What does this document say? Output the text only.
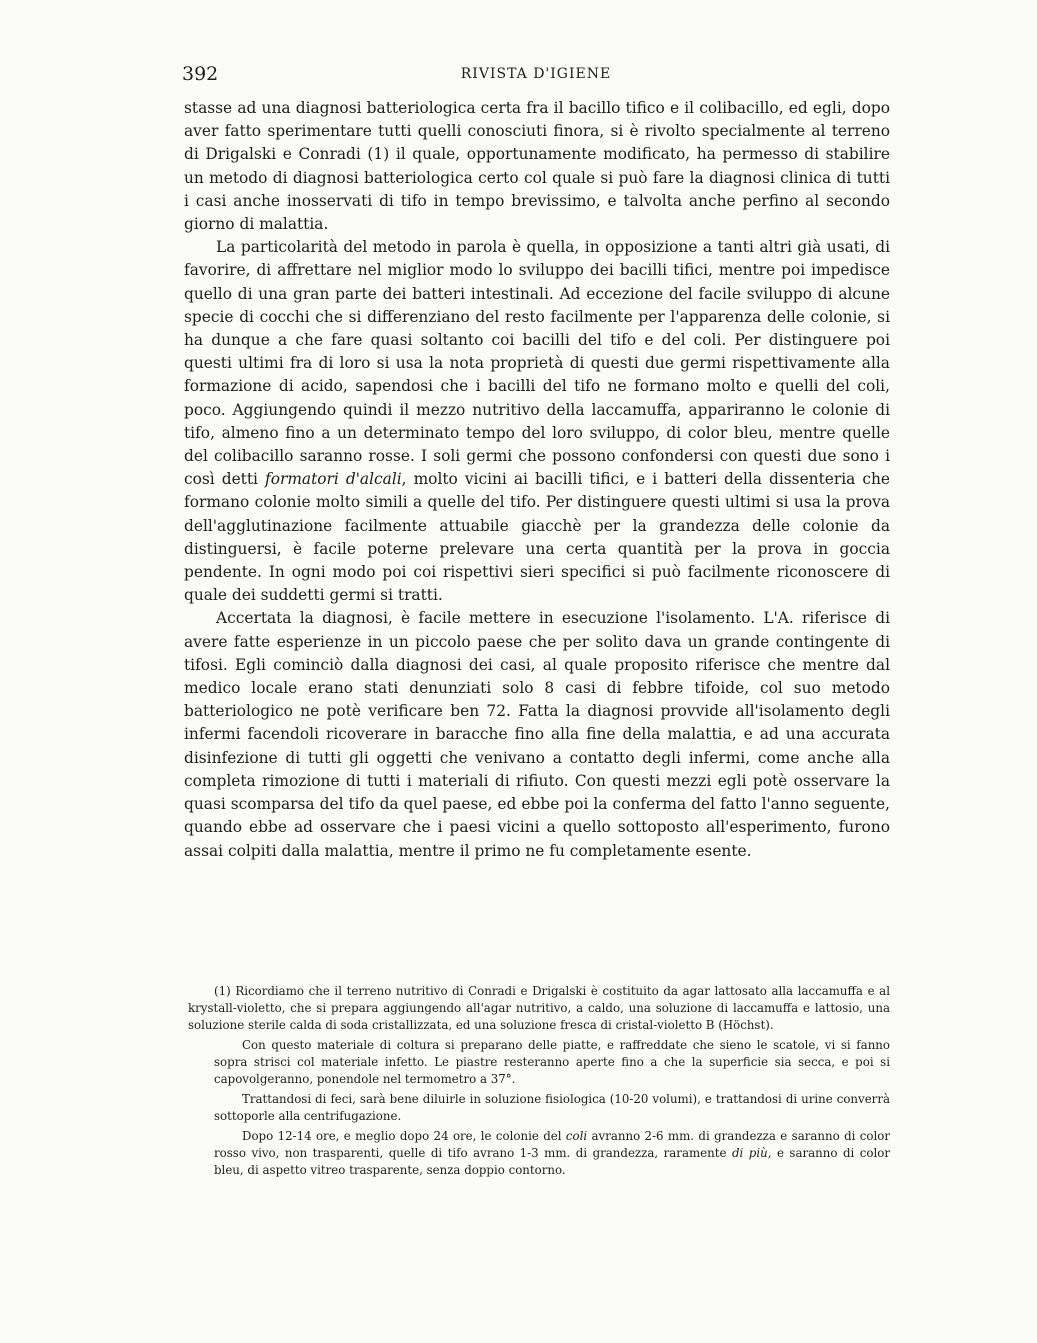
392	RIVISTA D'IGIENE

stasse ad una diagnosi batteriologica certa fra il bacillo tifico e il colibacillo, ed egli, dopo aver fatto sperimentare tutti quelli conosciuti finora, si è rivolto specialmente al terreno di Drigalski e Conradi (1) il quale, opportunamente modificato, ha permesso di stabilire un metodo di diagnosi batteriologica certo col quale si può fare la diagnosi clinica di tutti i casi anche inosservati di tifo in tempo brevissimo, e talvolta anche perfino al secondo giorno di malattia.

La particolarità del metodo in parola è quella, in opposizione a tanti altri già usati, di favorire, di affrettare nel miglior modo lo sviluppo dei bacilli tifici, mentre poi impedisce quello di una gran parte dei batteri intestinali. Ad eccezione del facile sviluppo di alcune specie di cocchi che si differenziano del resto facilmente per l'apparenza delle colonie, si ha dunque a che fare quasi soltanto coi bacilli del tifo e del coli. Per distinguere poi questi ultimi fra di loro si usa la nota proprietà di questi due germi rispettivamente alla formazione di acido, sapendosi che i bacilli del tifo ne formano molto e quelli del coli, poco. Aggiungendo quindi il mezzo nutritivo della laccamuffa, appariranno le colonie di tifo, almeno fino a un determinato tempo del loro sviluppo, di color bleu, mentre quelle del colibacillo saranno rosse. I soli germi che possono confondersi con questi due sono i così detti formatori d'alcali, molto vicini ai bacilli tifici, e i batteri della dissenteria che formano colonie molto simili a quelle del tifo. Per distinguere questi ultimi si usa la prova dell'agglutinazione facilmente attuabile giacchè per la grandezza delle colonie da distinguersi, è facile poterne prelevare una certa quantità per la prova in goccia pendente. In ogni modo poi coi rispettivi sieri specifici si può facilmente riconoscere di quale dei suddetti germi si tratti.

Accertata la diagnosi, è facile mettere in esecuzione l'isolamento. L'A. riferisce di avere fatte esperienze in un piccolo paese che per solito dava un grande contingente di tifosi. Egli cominciò dalla diagnosi dei casi, al quale proposito riferisce che mentre dal medico locale erano stati denunziati solo 8 casi di febbre tifoide, col suo metodo batteriologico ne potè verificare ben 72. Fatta la diagnosi provvide all'isolamento degli infermi facendoli ricoverare in baracche fino alla fine della malattia, e ad una accurata disinfezione di tutti gli oggetti che venivano a contatto degli infermi, come anche alla completa rimozione di tutti i materiali di rifiuto. Con questi mezzi egli potè osservare la quasi scomparsa del tifo da quel paese, ed ebbe poi la conferma del fatto l'anno seguente, quando ebbe ad osservare che i paesi vicini a quello sottoposto all'esperimento, furono assai colpiti dalla malattia, mentre il primo ne fu completamente esente.

(1) Ricordiamo che il terreno nutritivo di Conradi e Drigalski è costituito da agar lattosato alla laccamuffa e al krystall-violetto, che si prepara aggiungendo all'agar nutritivo, a caldo, una soluzione di laccamuffa e lattosio, una soluzione sterile calda di soda cristallizzata, ed una soluzione fresca di cristal-violetto B (Höchst).

Con questo materiale di coltura si preparano delle piatte, e raffreddate che sieno le scatole, vi si fanno sopra strisci col materiale infetto. Le piastre resteranno aperte fino a che la superficie sia secca, e poi si capovolgeranno, ponendole nel termometro a 37°.

Trattandosi di feci, sarà bene diluirle in soluzione fisiologica (10-20 volumi), e trattandosi di urine converrà sottoporle alla centrifugazione.

Dopo 12-14 ore, e meglio dopo 24 ore, le colonie del coli avranno 2-6 mm. di grandezza e saranno di color rosso vivo, non trasparenti, quelle di tifo avrano 1-3 mm. di grandezza, raramente di più, e saranno di color bleu, di aspetto vitreo trasparente, senza doppio contorno.
